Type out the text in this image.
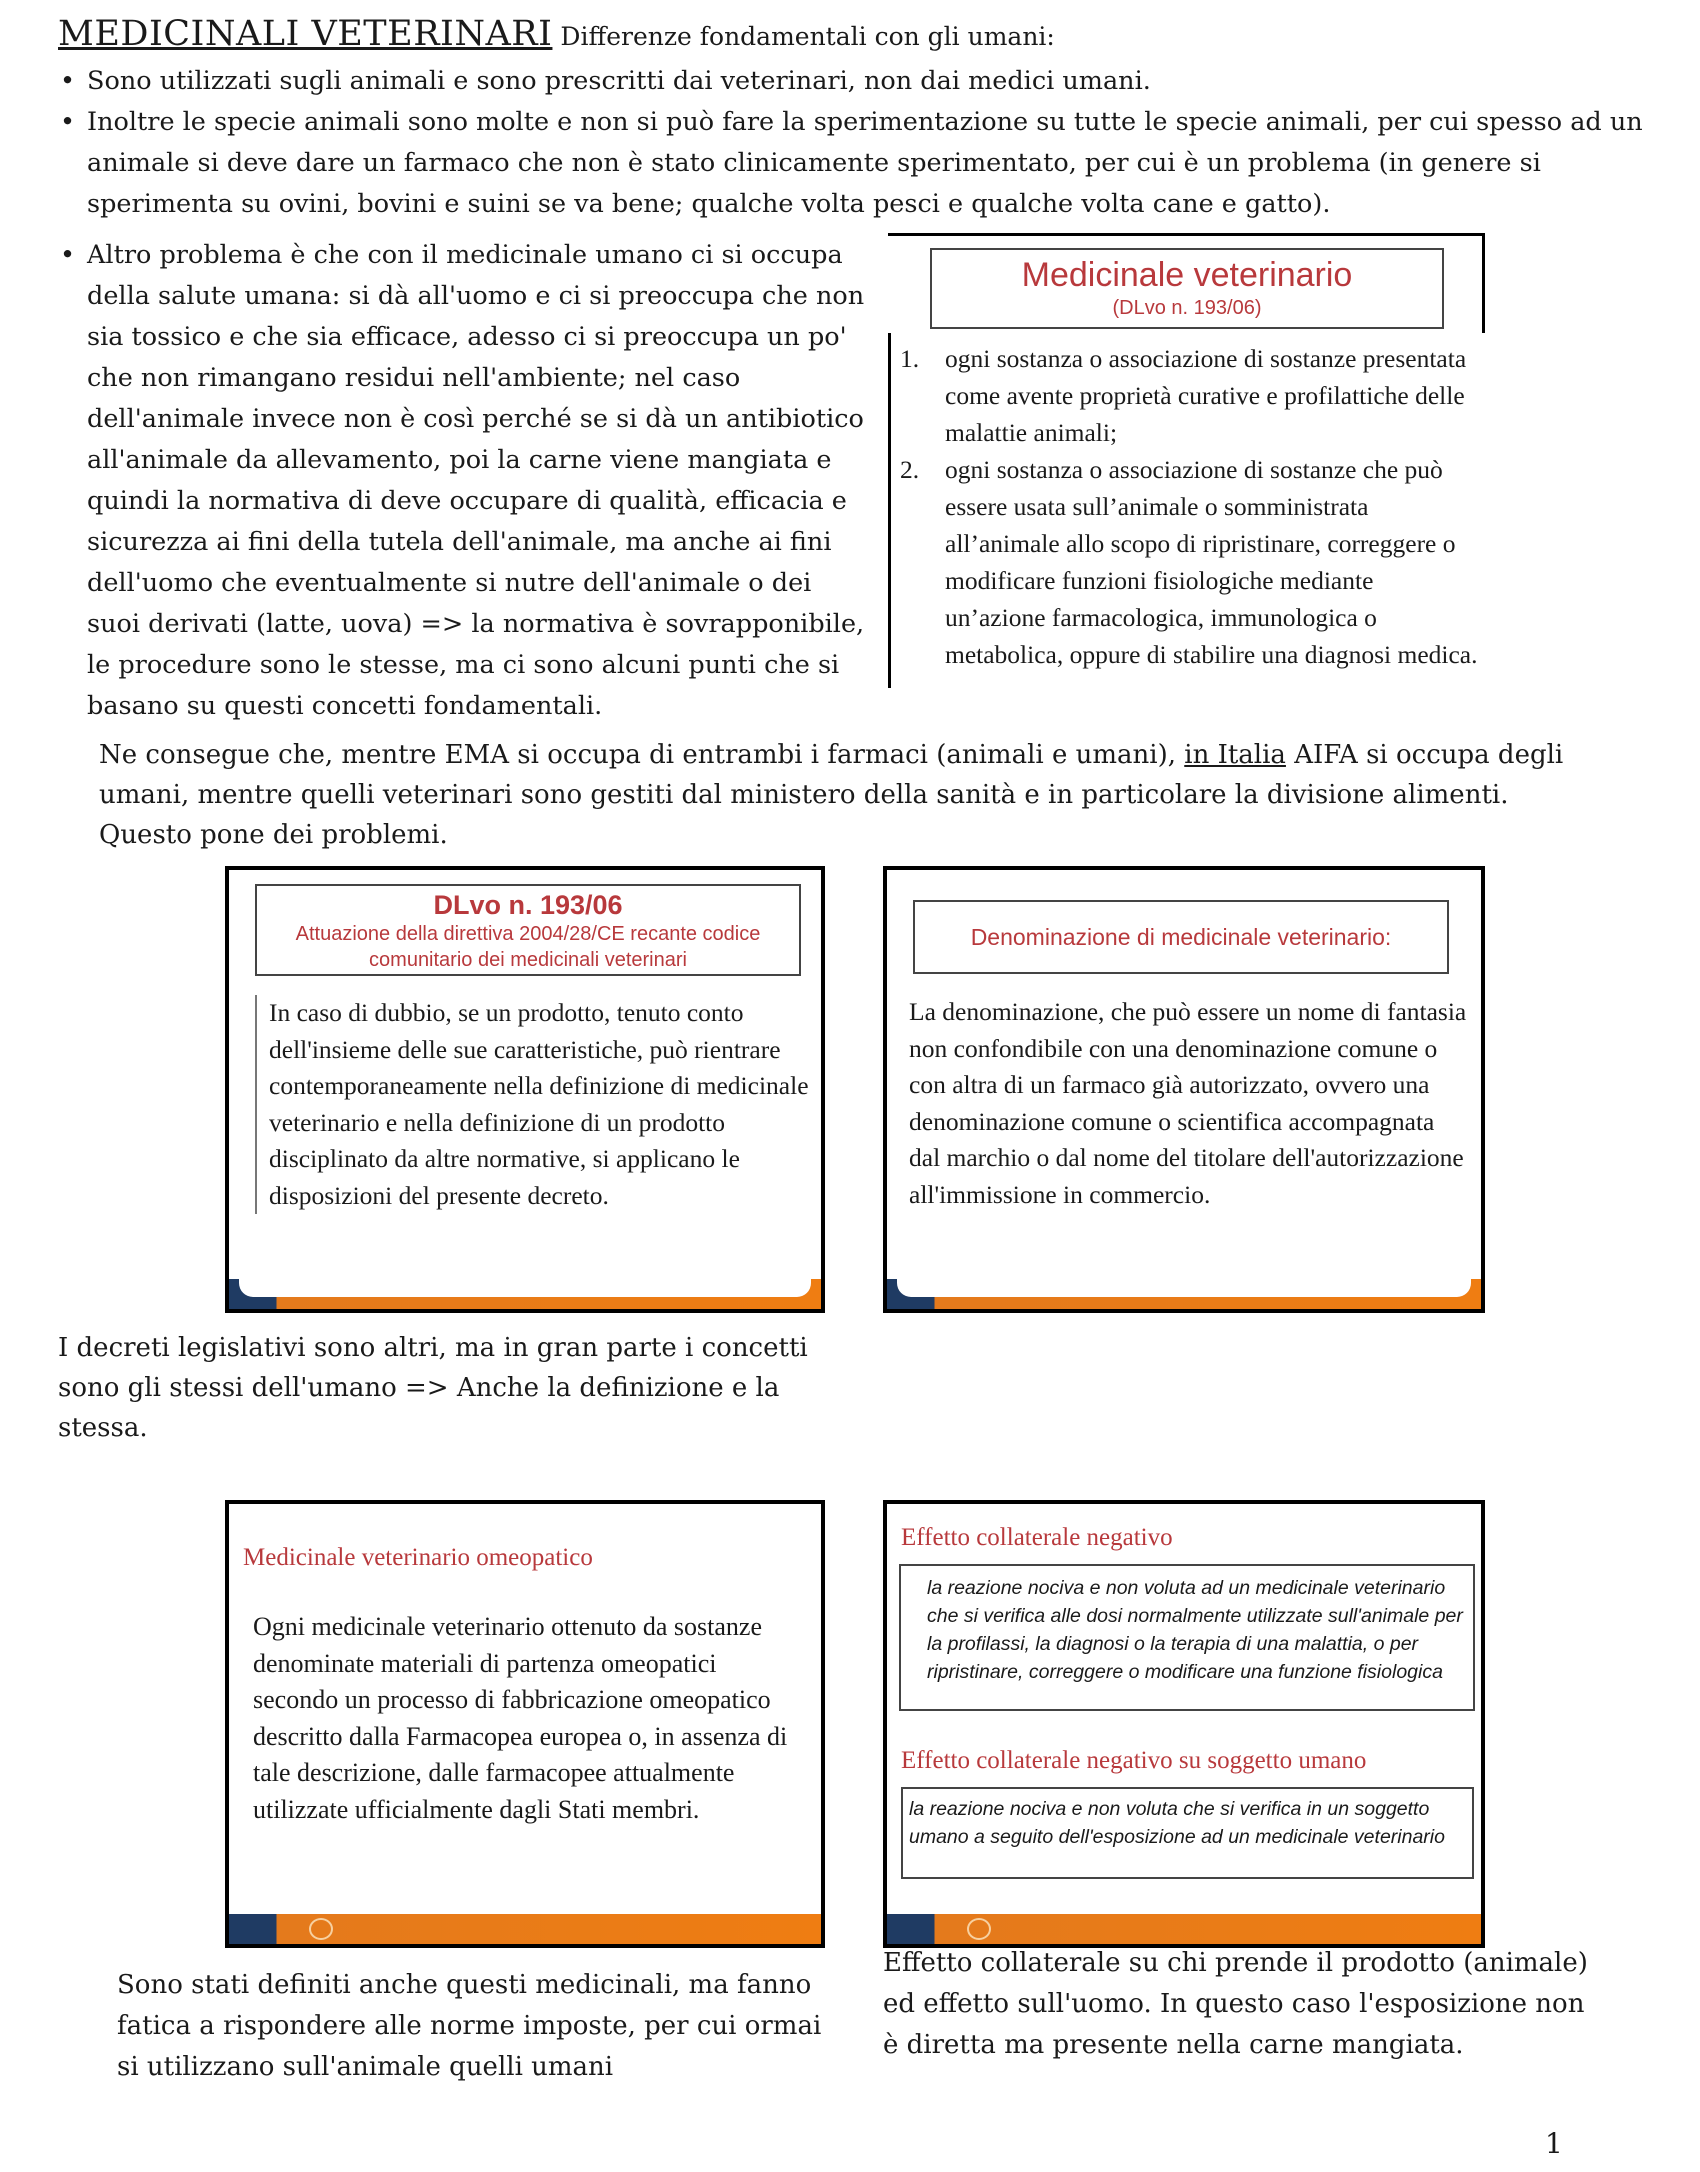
MEDICINALI VETERINARI Differenze fondamentali con gli umani:
• Sono utilizzati sugli animali e sono prescritti dai veterinari, non dai medici umani.
• Inoltre le specie animali sono molte e non si può fare la sperimentazione su tutte le specie animali, per cui spesso ad un animale si deve dare un farmaco che non è stato clinicamente sperimentato, per cui è un problema (in genere si sperimenta su ovini, bovini e suini se va bene; qualche volta pesci e qualche volta cane e gatto).
• Altro problema è che con il medicinale umano ci si occupa della salute umana: si dà all'uomo e ci si preoccupa che non sia tossico e che sia efficace, adesso ci si preoccupa un po' che non rimangano residui nell'ambiente; nel caso dell'animale invece non è così perché se si dà un antibiotico all'animale da allevamento, poi la carne viene mangiata e quindi la normativa di deve occupare di qualità, efficacia e sicurezza ai fini della tutela dell'animale, ma anche ai fini dell'uomo che eventualmente si nutre dell'animale o dei suoi derivati (latte, uova) => la normativa è sovrapponibile, le procedure sono le stesse, ma ci sono alcuni punti che si basano su questi concetti fondamentali.
Medicinale veterinario
(DLvo n. 193/06)
1. ogni sostanza o associazione di sostanze presentata come avente proprietà curative e profilattiche delle malattie animali;
2. ogni sostanza o associazione di sostanze che può essere usata sull’animale o somministrata all’animale allo scopo di ripristinare, correggere o modificare funzioni fisiologiche mediante un’azione farmacologica, immunologica o metabolica, oppure di stabilire una diagnosi medica.
Ne consegue che, mentre EMA si occupa di entrambi i farmaci (animali e umani), in Italia AIFA si occupa degli umani, mentre quelli veterinari sono gestiti dal ministero della sanità e in particolare la divisione alimenti. Questo pone dei problemi.
DLvo n. 193/06
Attuazione della direttiva 2004/28/CE recante codice comunitario dei medicinali veterinari
In caso di dubbio, se un prodotto, tenuto conto dell'insieme delle sue caratteristiche, può rientrare contemporaneamente nella definizione di medicinale veterinario e nella definizione di un prodotto disciplinato da altre normative, si applicano le disposizioni del presente decreto.
Denominazione di medicinale veterinario:
La denominazione, che può essere un nome di fantasia non confondibile con una denominazione comune o con altra di un farmaco già autorizzato, ovvero una denominazione comune o scientifica accompagnata dal marchio o dal nome del titolare dell'autorizzazione all'immissione in commercio.
I decreti legislativi sono altri, ma in gran parte i concetti sono gli stessi dell'umano => Anche la definizione e la stessa.
Medicinale veterinario omeopatico
Ogni medicinale veterinario ottenuto da sostanze denominate materiali di partenza omeopatici secondo un processo di fabbricazione omeopatico descritto dalla Farmacopea europea o, in assenza di tale descrizione, dalle farmacopee attualmente utilizzate ufficialmente dagli Stati membri.
Effetto collaterale negativo
la reazione nociva e non voluta ad un medicinale veterinario che si verifica alle dosi normalmente utilizzate sull'animale per la profilassi, la diagnosi o la terapia di una malattia, o per ripristinare, correggere o modificare una funzione fisiologica
Effetto collaterale negativo su soggetto umano
la reazione nociva e non voluta che si verifica in un soggetto umano a seguito dell'esposizione ad un medicinale veterinario
Sono stati definiti anche questi medicinali, ma fanno fatica a rispondere alle norme imposte, per cui ormai si utilizzano sull'animale quelli umani
Effetto collaterale su chi prende il prodotto (animale) ed effetto sull'uomo. In questo caso l'esposizione non è diretta ma presente nella carne mangiata.
1
